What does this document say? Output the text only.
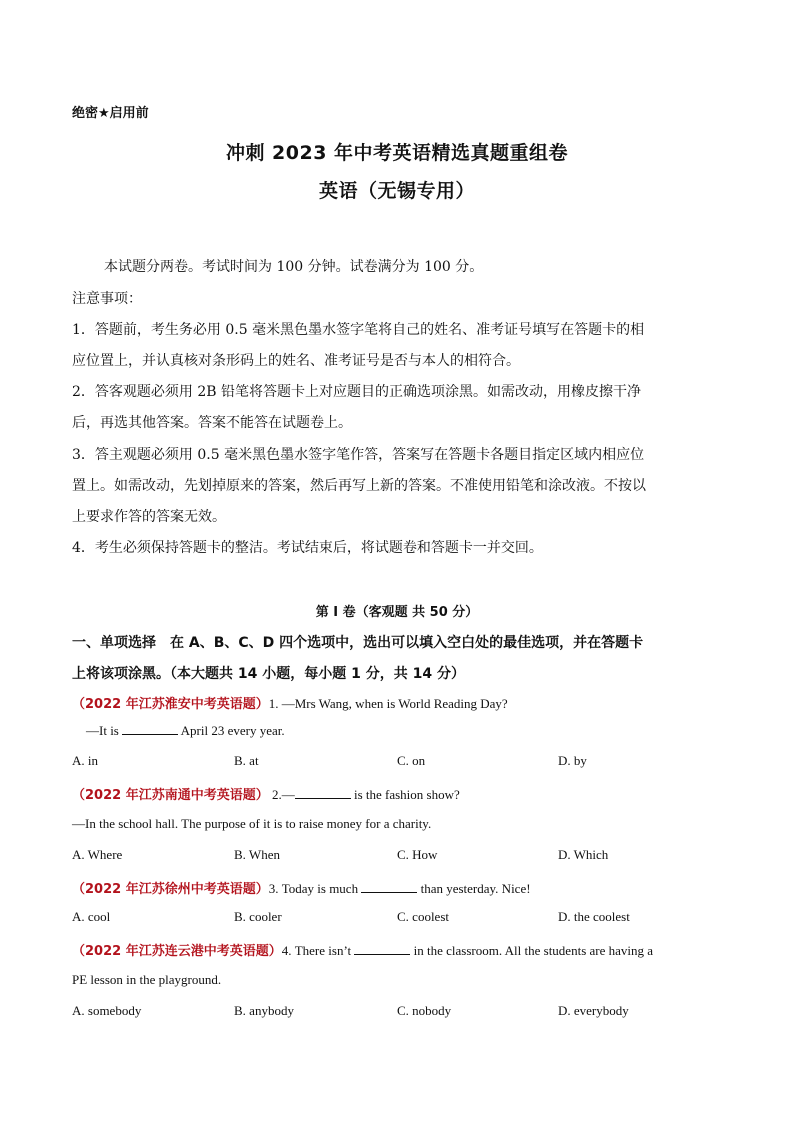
绝密★启用前
冲刺 2023 年中考英语精选真题重组卷
英语（无锡专用）
本试题分两卷。考试时间为 100 分钟。试卷满分为 100 分。
注意事项：
1．答题前，考生务必用 0.5 毫米黑色墨水签字笔将自己的姓名、准考证号填写在答题卡的相
应位置上，并认真核对条形码上的姓名、准考证号是否与本人的相符合。
2．答客观题必须用 2B 铅笔将答题卡上对应题目的正确选项涂黑。如需改动，用橡皮擦干净
后，再选其他答案。答案不能答在试题卷上。
3．答主观题必须用 0.5 毫米黑色墨水签字笔作答，答案写在答题卡各题目指定区域内相应位
置上。如需改动，先划掉原来的答案，然后再写上新的答案。不准使用铅笔和涂改液。不按以
上要求作答的答案无效。
4．考生必须保持答题卡的整洁。考试结束后，将试题卷和答题卡一并交回。
第 I 卷（客观题 共 50 分）
一、单项选择　在 A、B、C、D 四个选项中，选出可以填入空白处的最佳选项，并在答题卡
上将该项涂黑。（本大题共 14 小题，每小题 1 分，共 14 分）
（2022 年江苏淮安中考英语题）1. —Mrs Wang, when is World Reading Day?
—It is	April 23 every year.
A. in	B. at	C. on	D. by
（2022 年江苏南通中考英语题） 2.—	is the fashion show?
—In the school hall. The purpose of it is to raise money for a charity.
A. Where	B. When	C. How	D. Which
（2022 年江苏徐州中考英语题）3. Today is much	than yesterday. Nice!
A. cool	B. cooler	C. coolest	D. the coolest
（2022 年江苏连云港中考英语题）4. There isn’t	in the classroom. All the students are having a
PE lesson in the playground.
A. somebody	B. anybody	C. nobody	D. everybody
